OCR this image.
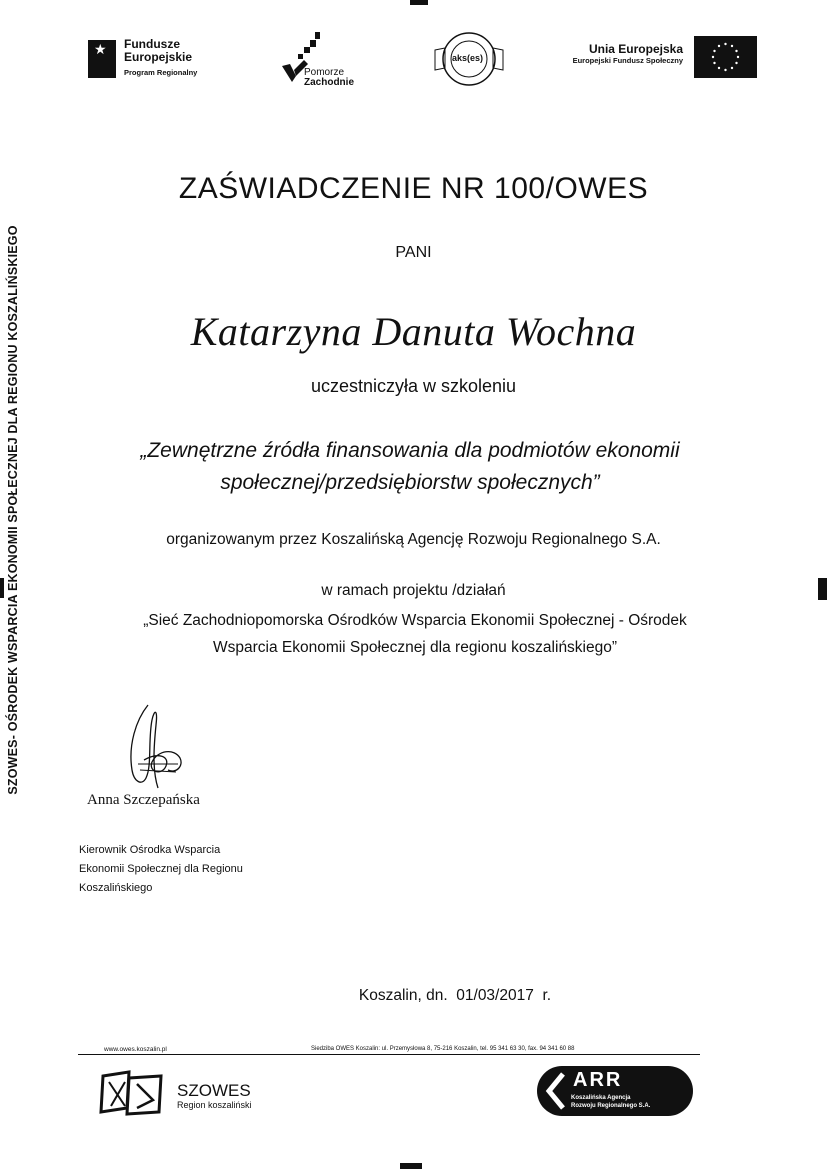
★ Fundusze
Europejskie
Program Regionalny	Pomorze
Zachodnie
aks(es)
Unia Europejska
Europejski Fundusz Społeczny
SZOWES- OŚRODEK WSPARCIA EKONOMII SPOŁECZNEJ DLA REGIONU KOSZALIŃSKIEGO
ZAŚWIADCZENIE NR 100/OWES
PANI
Katarzyna Danuta Wochna
uczestniczyła w szkoleniu
„Zewnętrzne źródła finansowania dla podmiotów ekonomii
społecznej/przedsiębiorstw społecznych”
organizowanym przez Koszalińską Agencję Rozwoju Regionalnego S.A.
w ramach projektu /działań
„Sieć Zachodniopomorska Ośrodków Wsparcia Ekonomii Społecznej - Ośrodek
Wsparcia Ekonomii Społecznej dla regionu koszalińskiego”
Anna Szczepańska
Kierownik Ośrodka Wsparcia
Ekonomii Społecznej dla Regionu
Koszalińskiego
Koszalin, dn.  01/03/2017  r.
www.owes.koszalin.pl	Siedziba OWES Koszalin: ul. Przemysłowa 8, 75-216 Koszalin, tel. 95 341 63 30, fax. 94 341 60 88
SZOWES
Region koszaliński
ARR
Koszalińska Agencja
Rozwoju Regionalnego S.A.
